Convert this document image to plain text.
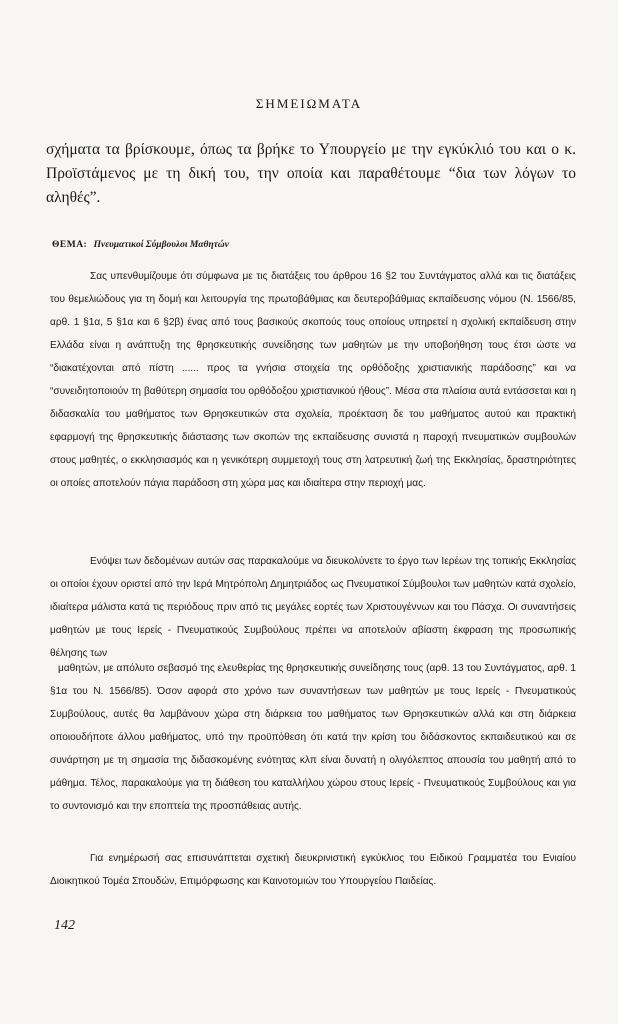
ΣΗΜΕΙΩΜΑΤΑ
σχήματα τα βρίσκουμε, όπως τα βρήκε το Υπουργείο με την εγκύκλιό του και ο κ. Προϊστάμενος με τη δική του, την οποία και παραθέτουμε “δια των λόγων το αληθές”.
ΘΕΜΑ: Πνευματικοί Σύμβουλοι Μαθητών

Σας υπενθυμίζουμε ότι σύμφωνα με τις διατάξεις του άρθρου 16 §2 του Συντάγματος αλλά και τις διατάξεις του θεμελιώδους για τη δομή και λειτουργία της πρωτοβάθμιας και δευτεροβάθμιας εκπαίδευσης νόμου (Ν. 1566/85, αρθ. 1 §1α, 5 §1α και 6 §2β) ένας από τους βασικούς σκοπούς τους οποίους υπηρετεί η σχολική εκπαίδευση στην Ελλάδα είναι η ανάπτυξη της θρησκευτικής συνείδησης των μαθητών με την υποβοήθηση τους έτσι ώστε να “διακατέχονται από πίστη ...... προς τα γνήσια στοιχεία της ορθόδοξης χριστιανικής παράδοσης” και να “συνειδητοποιούν τη βαθύτερη σημασία του ορθόδοξου χριστιανικού ήθους”. Μέσα στα πλαίσια αυτά εντάσσεται και η διδασκαλία του μαθήματος των Θρησκευτικών στα σχολεία, προέκταση δε του μαθήματος αυτού και πρακτική εφαρμογή της θρησκευτικής διάστασης των σκοπών της εκπαίδευσης συνιστά η παροχή πνευματικών συμβουλών στους μαθητές, ο εκκλησιασμός και η γενικότερη συμμετοχή τους στη λατρευτική ζωή της Εκκλησίας, δραστηριότητες οι οποίες αποτελούν πάγια παράδοση στη χώρα μας και ιδιαίτερα στην περιοχή μας.

Ενόψει των δεδομένων αυτών σας παρακαλούμε να διευκολύνετε το έργο των Ιερέων της τοπικής Εκκλησίας οι οποίοι έχουν οριστεί από την Ιερά Μητρόπολη Δημητριάδος ως Πνευματικοί Σύμβουλοι των μαθητών κατά σχολείο, ιδιαίτερα μάλιστα κατά τις περιόδους πριν από τις μεγάλες εορτές των Χριστουγέννων και του Πάσχα. Οι συναντήσεις μαθητών με τους Ιερείς - Πνευματικούς Συμβούλους πρέπει να αποτελούν αβίαστη έκφραση της προσωπικής θέλησης των

μαθητών, με απόλυτο σεβασμό της ελευθερίας της θρησκευτικής συνείδησης τους (αρθ. 13 του Συντάγματος, αρθ. 1 §1α του Ν. 1566/85). Όσον αφορά στο χρόνο των συναντήσεων των μαθητών με τους Ιερείς - Πνευματικούς Συμβούλους, αυτές θα λαμβάνουν χώρα στη διάρκεια του μαθήματος των Θρησκευτικών αλλά και στη διάρκεια οποιουδήποτε άλλου μαθήματος, υπό την προϋπόθεση ότι κατά την κρίση του διδάσκοντος εκπαιδευτικού και σε συνάρτηση με τη σημασία της διδασκομένης ενότητας κλπ είναι δυνατή η ολιγόλεπτος απουσία του μαθητή από το μάθημα. Τέλος, παρακαλούμε για τη διάθεση του καταλλήλου χώρου στους Ιερείς - Πνευματικούς Συμβούλους και για το συντονισμό και την εποπτεία της προσπάθειας αυτής.

Για ενημέρωσή σας επισυνάπτεται σχετική διευκρινιστική εγκύκλιος του Ειδικού Γραμματέα του Ενιαίου Διοικητικού Τομέα Σπουδών, Επιμόρφωσης και Καινοτομιών του Υπουργείου Παιδείας.

142
